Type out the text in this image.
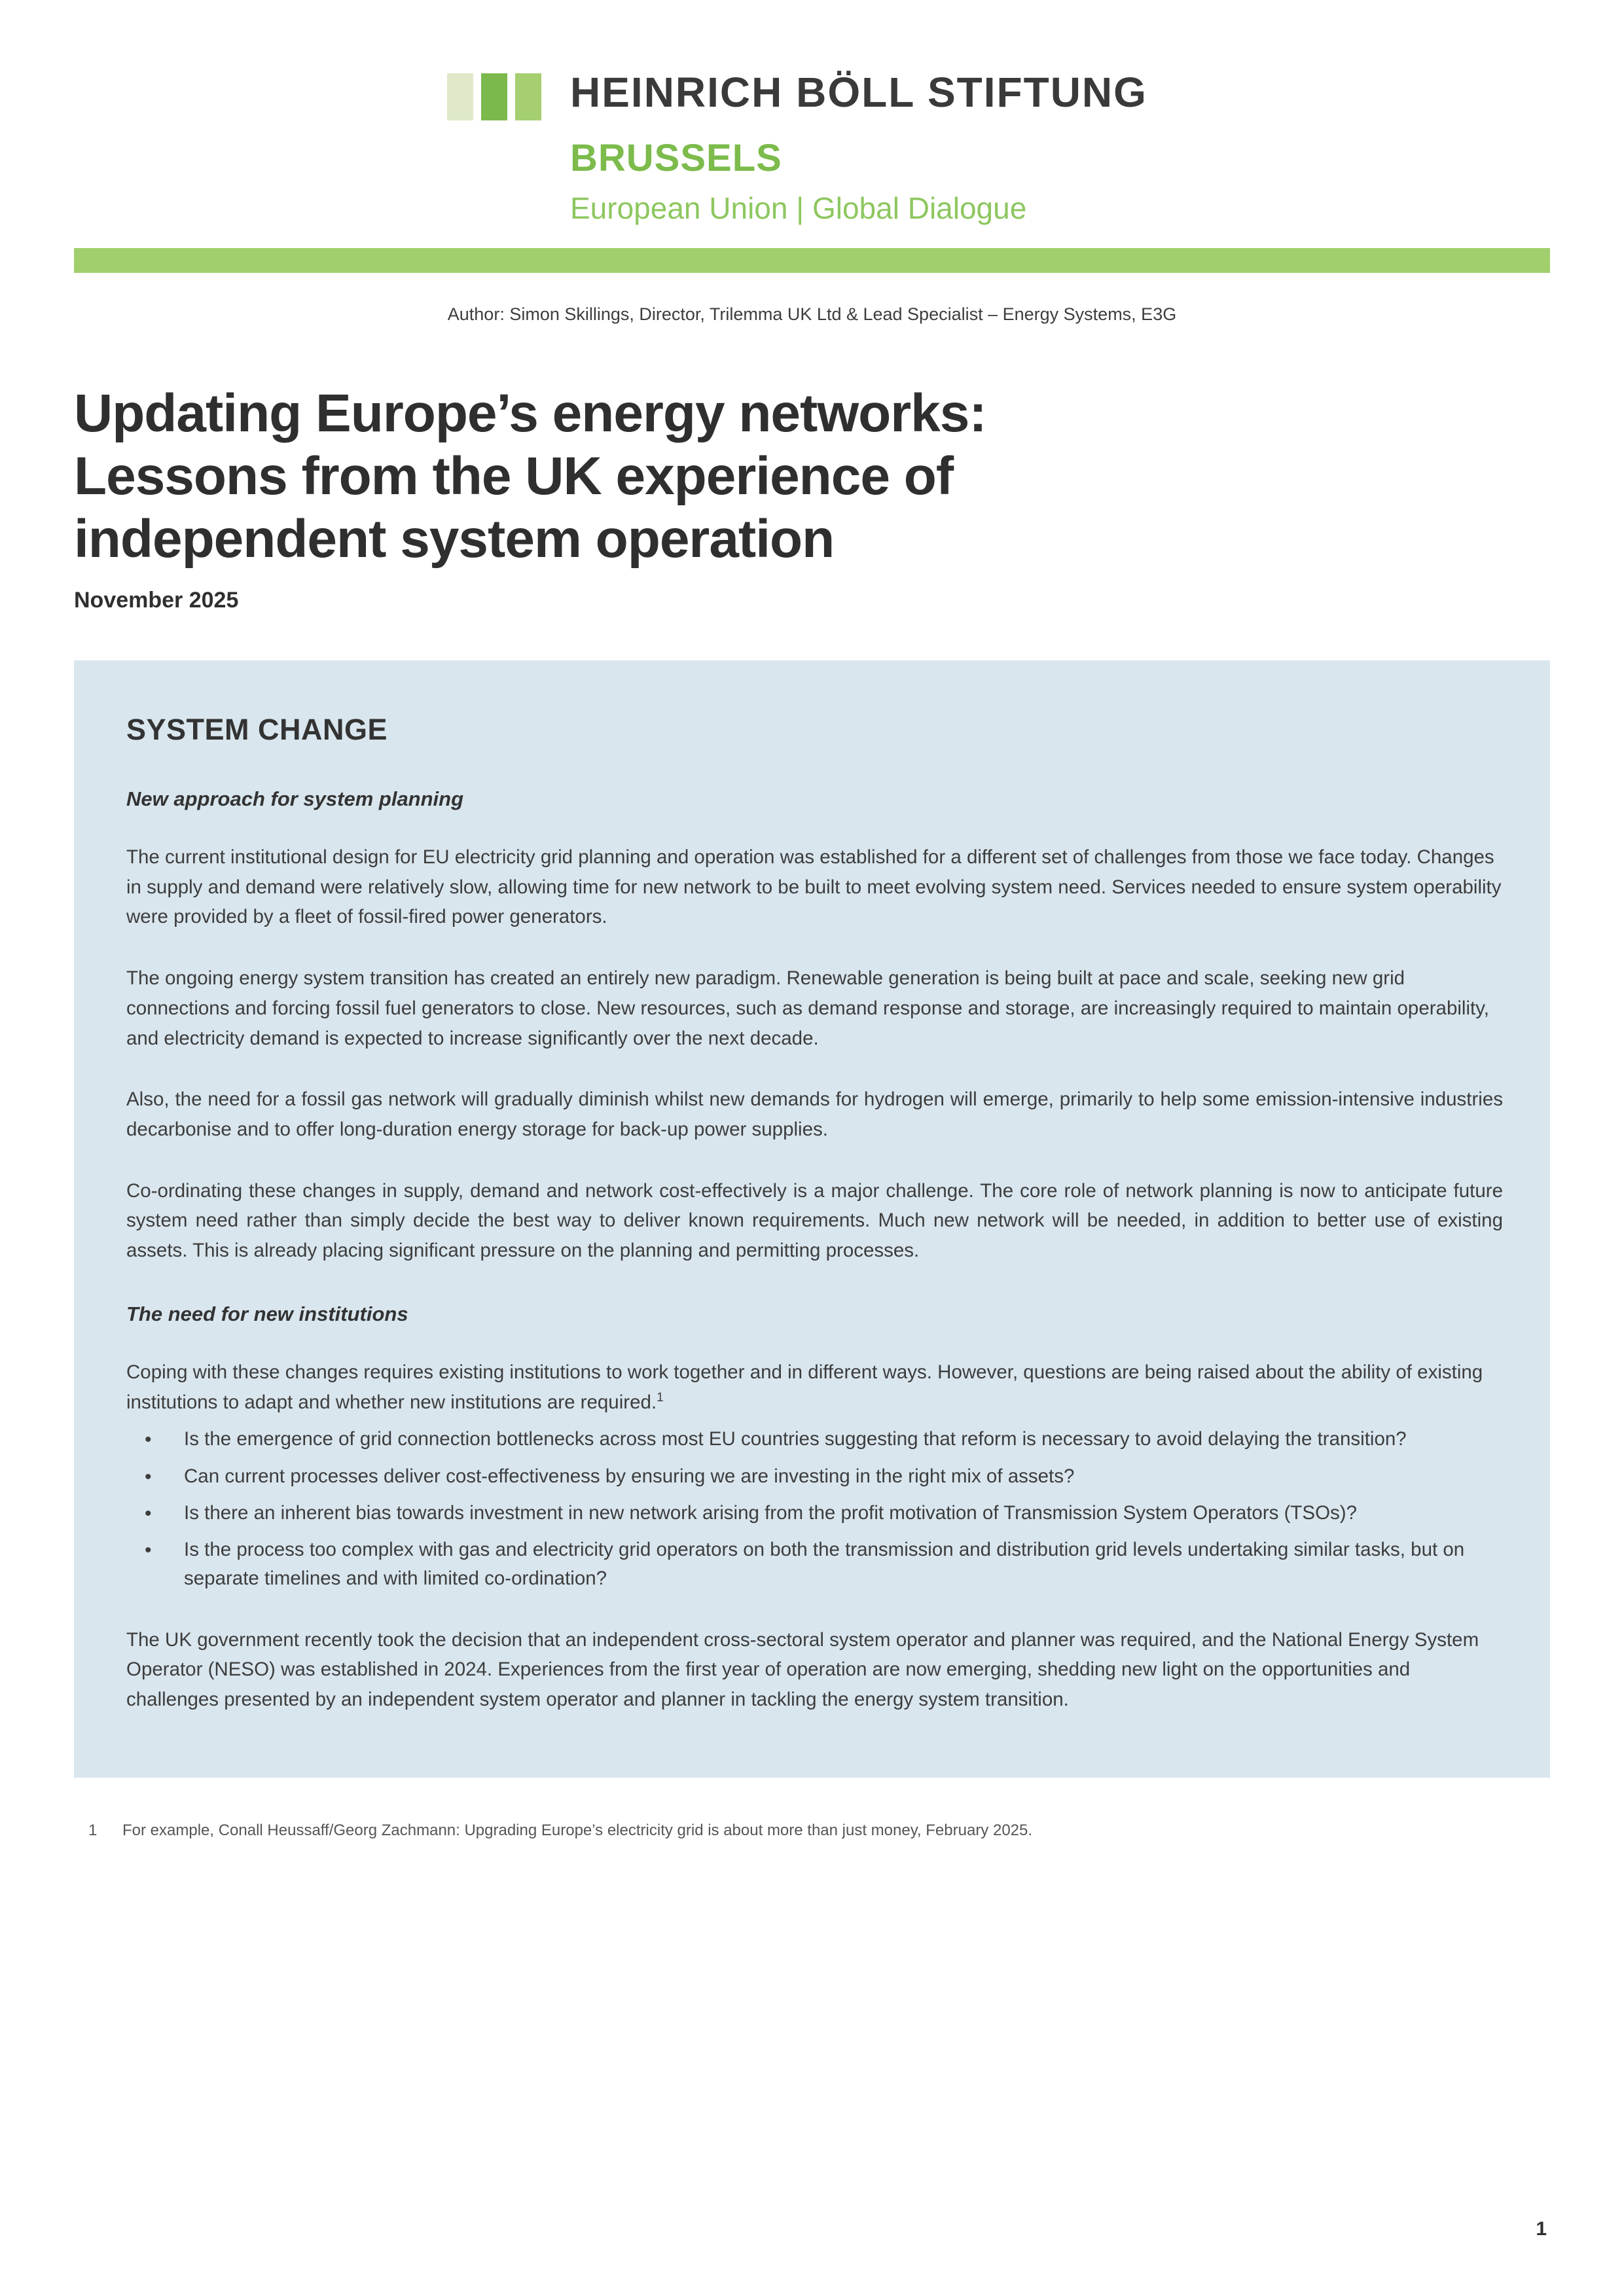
HEINRICH BÖLL STIFTUNG
BRUSSELS
European Union | Global Dialogue
Author: Simon Skillings, Director, Trilemma UK Ltd & Lead Specialist – Energy Systems, E3G
Updating Europe’s energy networks:
Lessons from the UK experience of
independent system operation
November 2025
SYSTEM CHANGE
New approach for system planning

The current institutional design for EU electricity grid planning and operation was established for a different set of challenges from those we face today. Changes in supply and demand were relatively slow, allowing time for new network to be built to meet evolving system need. Services needed to ensure system operability were provided by a fleet of fossil-fired power generators.

The ongoing energy system transition has created an entirely new paradigm. Renewable generation is being built at pace and scale, seeking new grid connections and forcing fossil fuel generators to close. New resources, such as demand response and storage, are increasingly required to maintain operability, and electricity demand is expected to increase significantly over the next decade.

Also, the need for a fossil gas network will gradually diminish whilst new demands for hydrogen will emerge, primarily to help some emission-intensive industries decarbonise and to offer long-duration energy storage for back-up power supplies.

Co-ordinating these changes in supply, demand and network cost-effectively is a major challenge. The core role of network planning is now to anticipate future system need rather than simply decide the best way to deliver known requirements. Much new network will be needed, in addition to better use of existing assets. This is already placing significant pressure on the planning and permitting processes.

The need for new institutions

Coping with these changes requires existing institutions to work together and in different ways. However, questions are being raised about the ability of existing institutions to adapt and whether new institutions are required.$^1$

• Is the emergence of grid connection bottlenecks across most EU countries suggesting that reform is necessary to avoid delaying the transition?
• Can current processes deliver cost-effectiveness by ensuring we are investing in the right mix of assets?
• Is there an inherent bias towards investment in new network arising from the profit motivation of Transmission System Operators (TSOs)?
• Is the process too complex with gas and electricity grid operators on both the transmission and distribution grid levels undertaking similar tasks, but on separate timelines and with limited co-ordination?

The UK government recently took the decision that an independent cross-sectoral system operator and planner was required, and the National Energy System Operator (NESO) was established in 2024. Experiences from the first year of operation are now emerging, shedding new light on the opportunities and challenges presented by an independent system operator and planner in tackling the energy system transition.

1	For example, Conall Heussaff/Georg Zachmann: Upgrading Europe’s electricity grid is about more than just money, February 2025.
1
